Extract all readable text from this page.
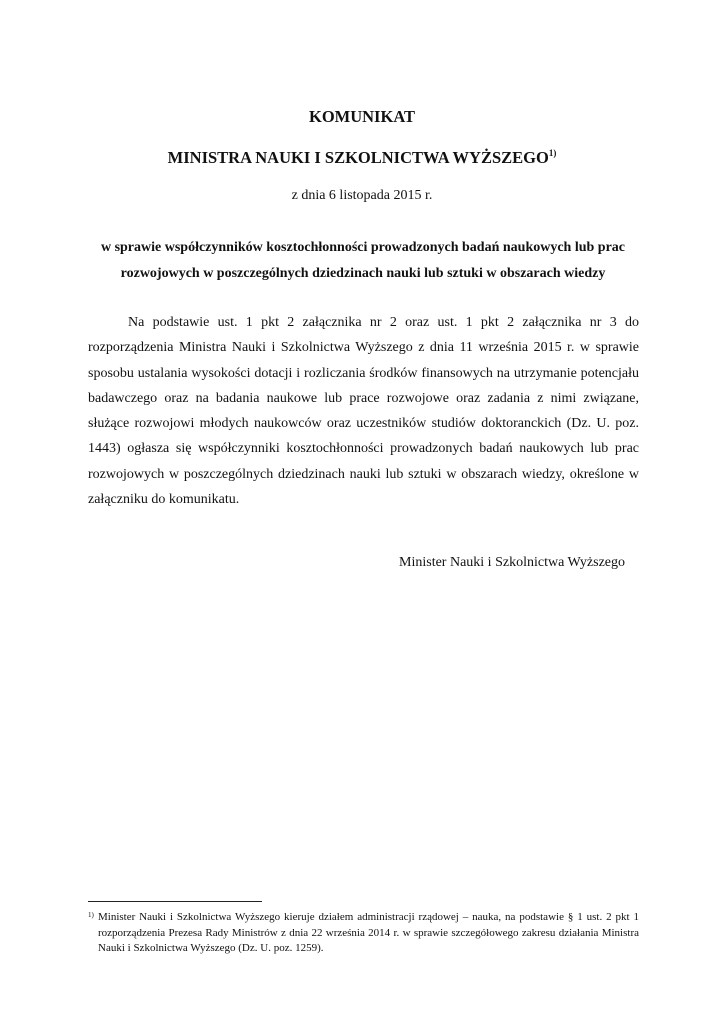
KOMUNIKAT
MINISTRA NAUKI I SZKOLNICTWA WYŻSZEGO$^{1)}$

z dnia 6 listopada 2015 r.

w sprawie współczynników kosztochłonności prowadzonych badań naukowych lub prac rozwojowych w poszczególnych dziedzinach nauki lub sztuki w obszarach wiedzy

Na podstawie ust. 1 pkt 2 załącznika nr 2 oraz ust. 1 pkt 2 załącznika nr 3 do rozporządzenia Ministra Nauki i Szkolnictwa Wyższego z dnia 11 września 2015 r. w sprawie sposobu ustalania wysokości dotacji i rozliczania środków finansowych na utrzymanie potencjału badawczego oraz na badania naukowe lub prace rozwojowe oraz zadania z nimi związane, służące rozwojowi młodych naukowców oraz uczestników studiów doktoranckich (Dz. U. poz. 1443) ogłasza się współczynniki kosztochłonności prowadzonych badań naukowych lub prac rozwojowych w poszczególnych dziedzinach nauki lub sztuki w obszarach wiedzy, określone w załączniku do komunikatu.

Minister Nauki i Szkolnictwa Wyższego

1) Minister Nauki i Szkolnictwa Wyższego kieruje działem administracji rządowej – nauka, na podstawie § 1 ust. 2 pkt 1 rozporządzenia Prezesa Rady Ministrów z dnia 22 września 2014 r. w sprawie szczegółowego zakresu działania Ministra Nauki i Szkolnictwa Wyższego (Dz. U. poz. 1259).
